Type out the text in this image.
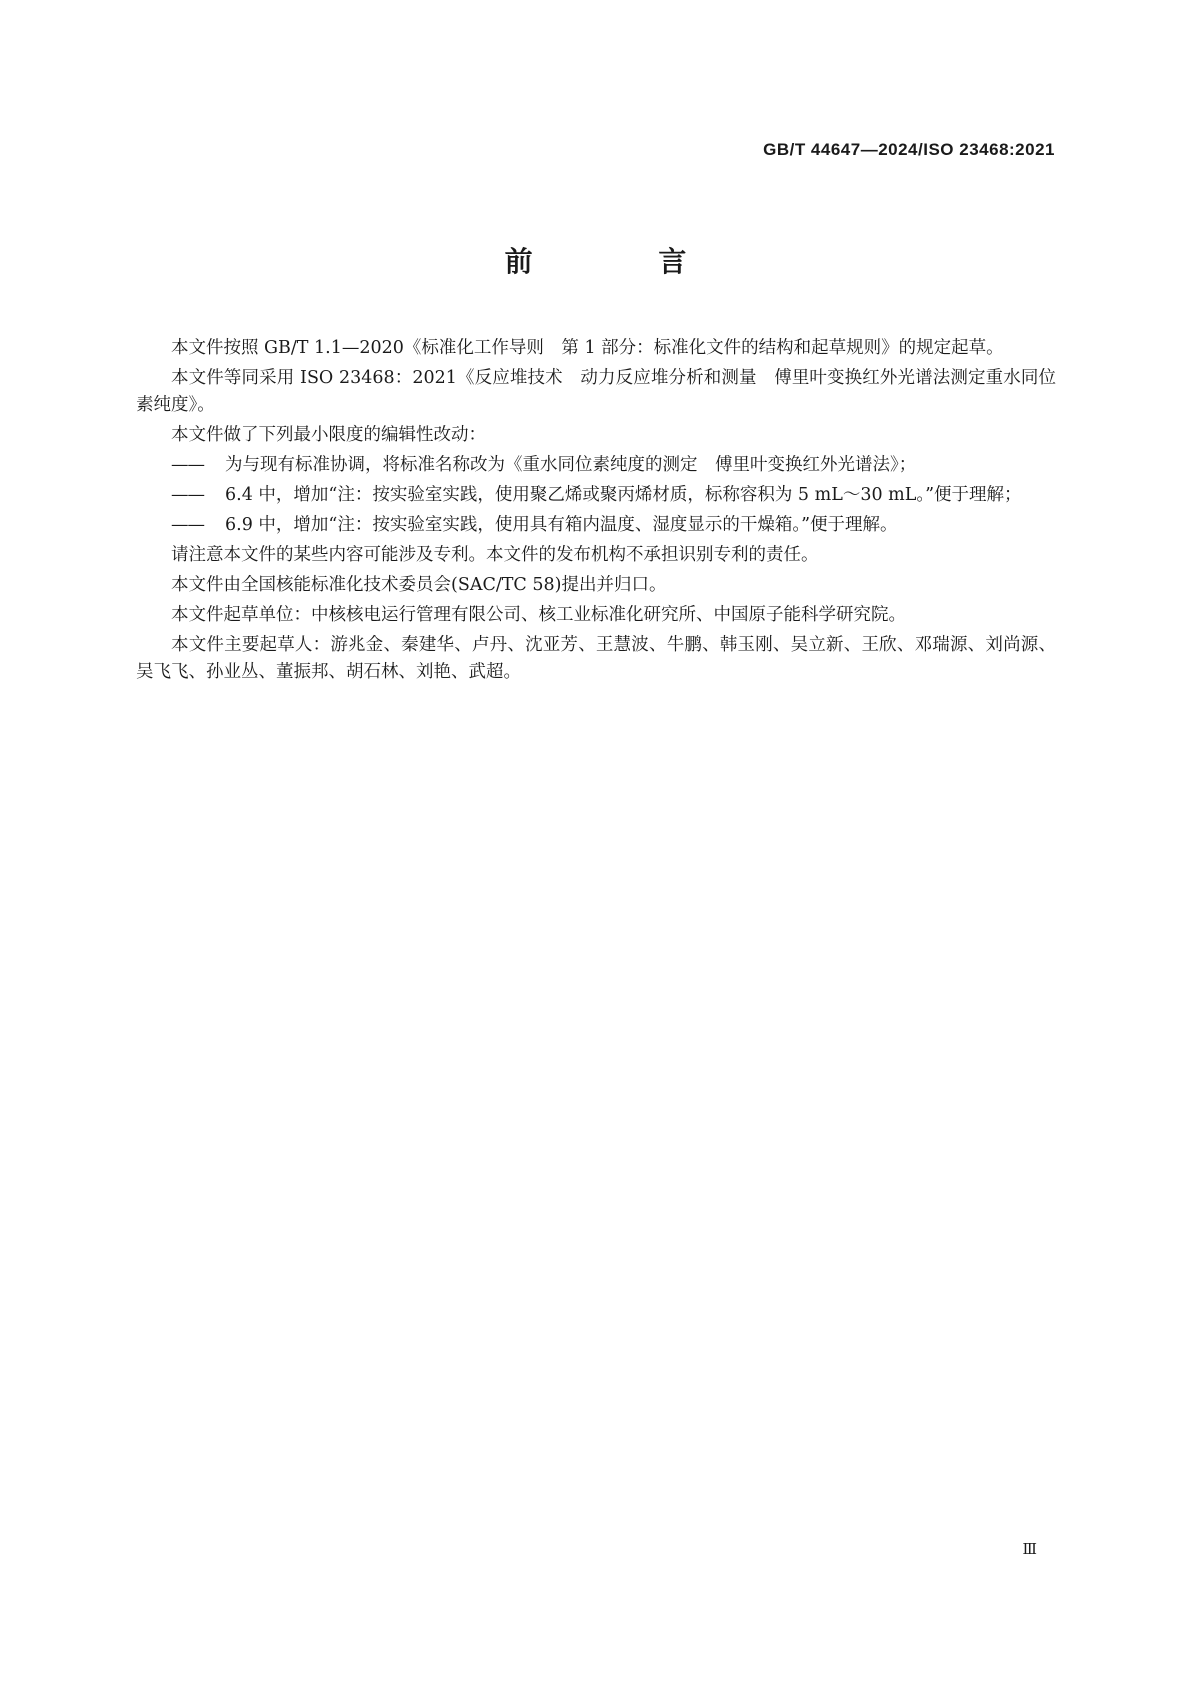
GB/T 44647—2024/ISO 23468:2021
前 言

本文件按照 GB/T 1.1—2020《标准化工作导则　第 1 部分：标准化文件的结构和起草规则》的规定起草。

本文件等同采用 ISO 23468：2021《反应堆技术　动力反应堆分析和测量　傅里叶变换红外光谱法测定重水同位素纯度》。

本文件做了下列最小限度的编辑性改动：

—— 为与现有标准协调，将标准名称改为《重水同位素纯度的测定　傅里叶变换红外光谱法》；

—— 6.4 中，增加“注：按实验室实践，使用聚乙烯或聚丙烯材质，标称容积为 5 mL～30 mL。”便于理解；

—— 6.9 中，增加“注：按实验室实践，使用具有箱内温度、湿度显示的干燥箱。”便于理解。

请注意本文件的某些内容可能涉及专利。本文件的发布机构不承担识别专利的责任。

本文件由全国核能标准化技术委员会(SAC/TC 58)提出并归口。

本文件起草单位：中核核电运行管理有限公司、核工业标准化研究所、中国原子能科学研究院。

本文件主要起草人：游兆金、秦建华、卢丹、沈亚芳、王慧波、牛鹏、韩玉刚、吴立新、王欣、邓瑞源、刘尚源、吴飞飞、孙业丛、董振邦、胡石林、刘艳、武超。

Ⅲ
